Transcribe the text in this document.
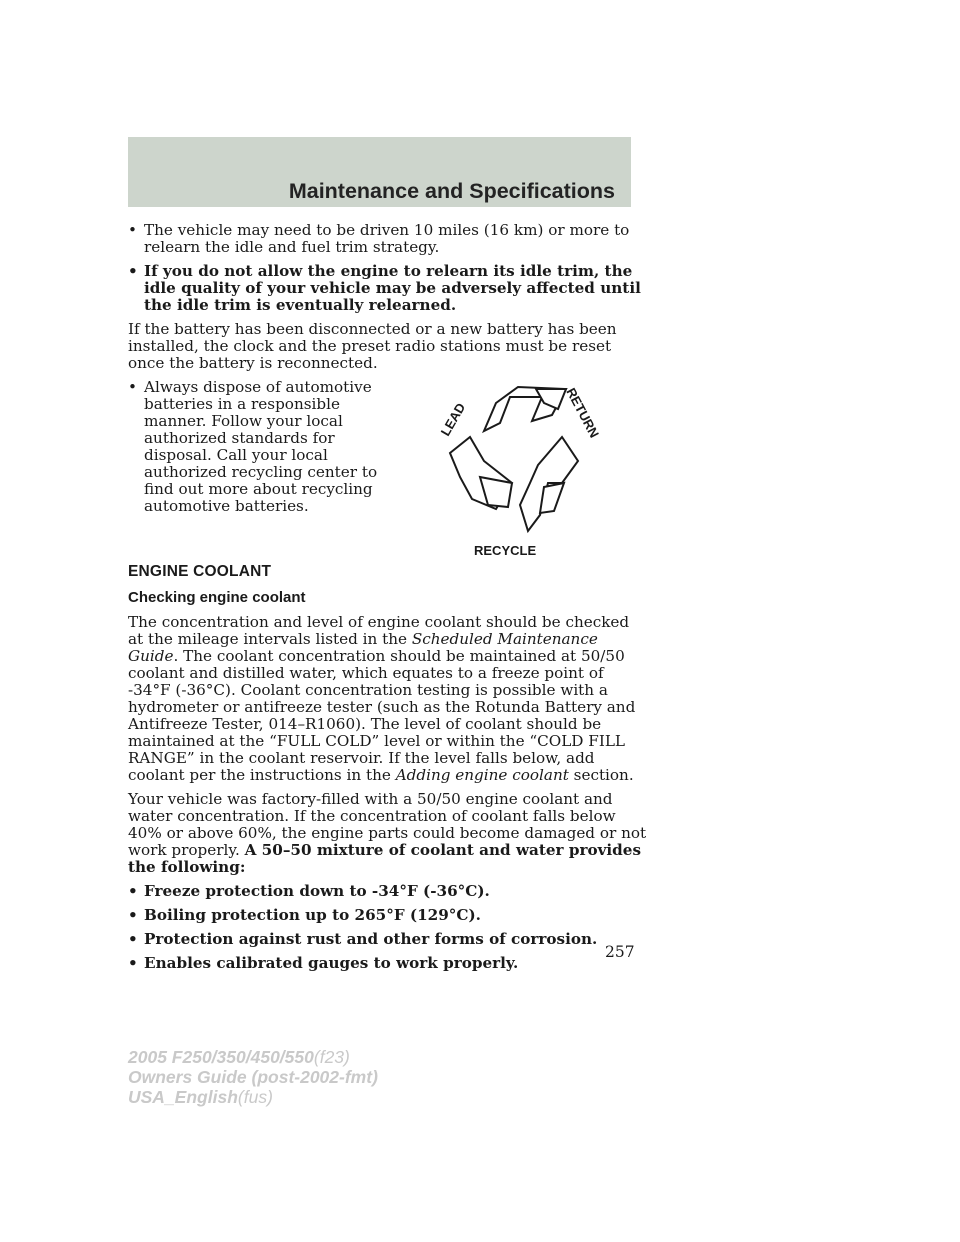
Maintenance and Specifications
• The vehicle may need to be driven 10 miles (16 km) or more to relearn the idle and fuel trim strategy.
• If you do not allow the engine to relearn its idle trim, the idle quality of your vehicle may be adversely affected until the idle trim is eventually relearned.

If the battery has been disconnected or a new battery has been installed, the clock and the preset radio stations must be reset once the battery is reconnected.

• Always dispose of automotive batteries in a responsible manner. Follow your local authorized standards for disposal. Call your local authorized recycling center to find out more about recycling automotive batteries.
LEAD	RETURN
RECYCLE
ENGINE COOLANT
Checking engine coolant

The concentration and level of engine coolant should be checked at the mileage intervals listed in the Scheduled Maintenance Guide. The coolant concentration should be maintained at 50/50 coolant and distilled water, which equates to a freeze point of -34°F (-36°C). Coolant concentration testing is possible with a hydrometer or antifreeze tester (such as the Rotunda Battery and Antifreeze Tester, 014–R1060). The level of coolant should be maintained at the “FULL COLD” level or within the “COLD FILL RANGE” in the coolant reservoir. If the level falls below, add coolant per the instructions in the Adding engine coolant section.

Your vehicle was factory-filled with a 50/50 engine coolant and water concentration. If the concentration of coolant falls below 40% or above 60%, the engine parts could become damaged or not work properly. A 50–50 mixture of coolant and water provides the following:

• Freeze protection down to -34°F (-36°C).
• Boiling protection up to 265°F (129°C).
• Protection against rust and other forms of corrosion.
• Enables calibrated gauges to work properly.
257
2005 F250/350/450/550(f23)
Owners Guide (post-2002-fmt)
USA_English(fus)
